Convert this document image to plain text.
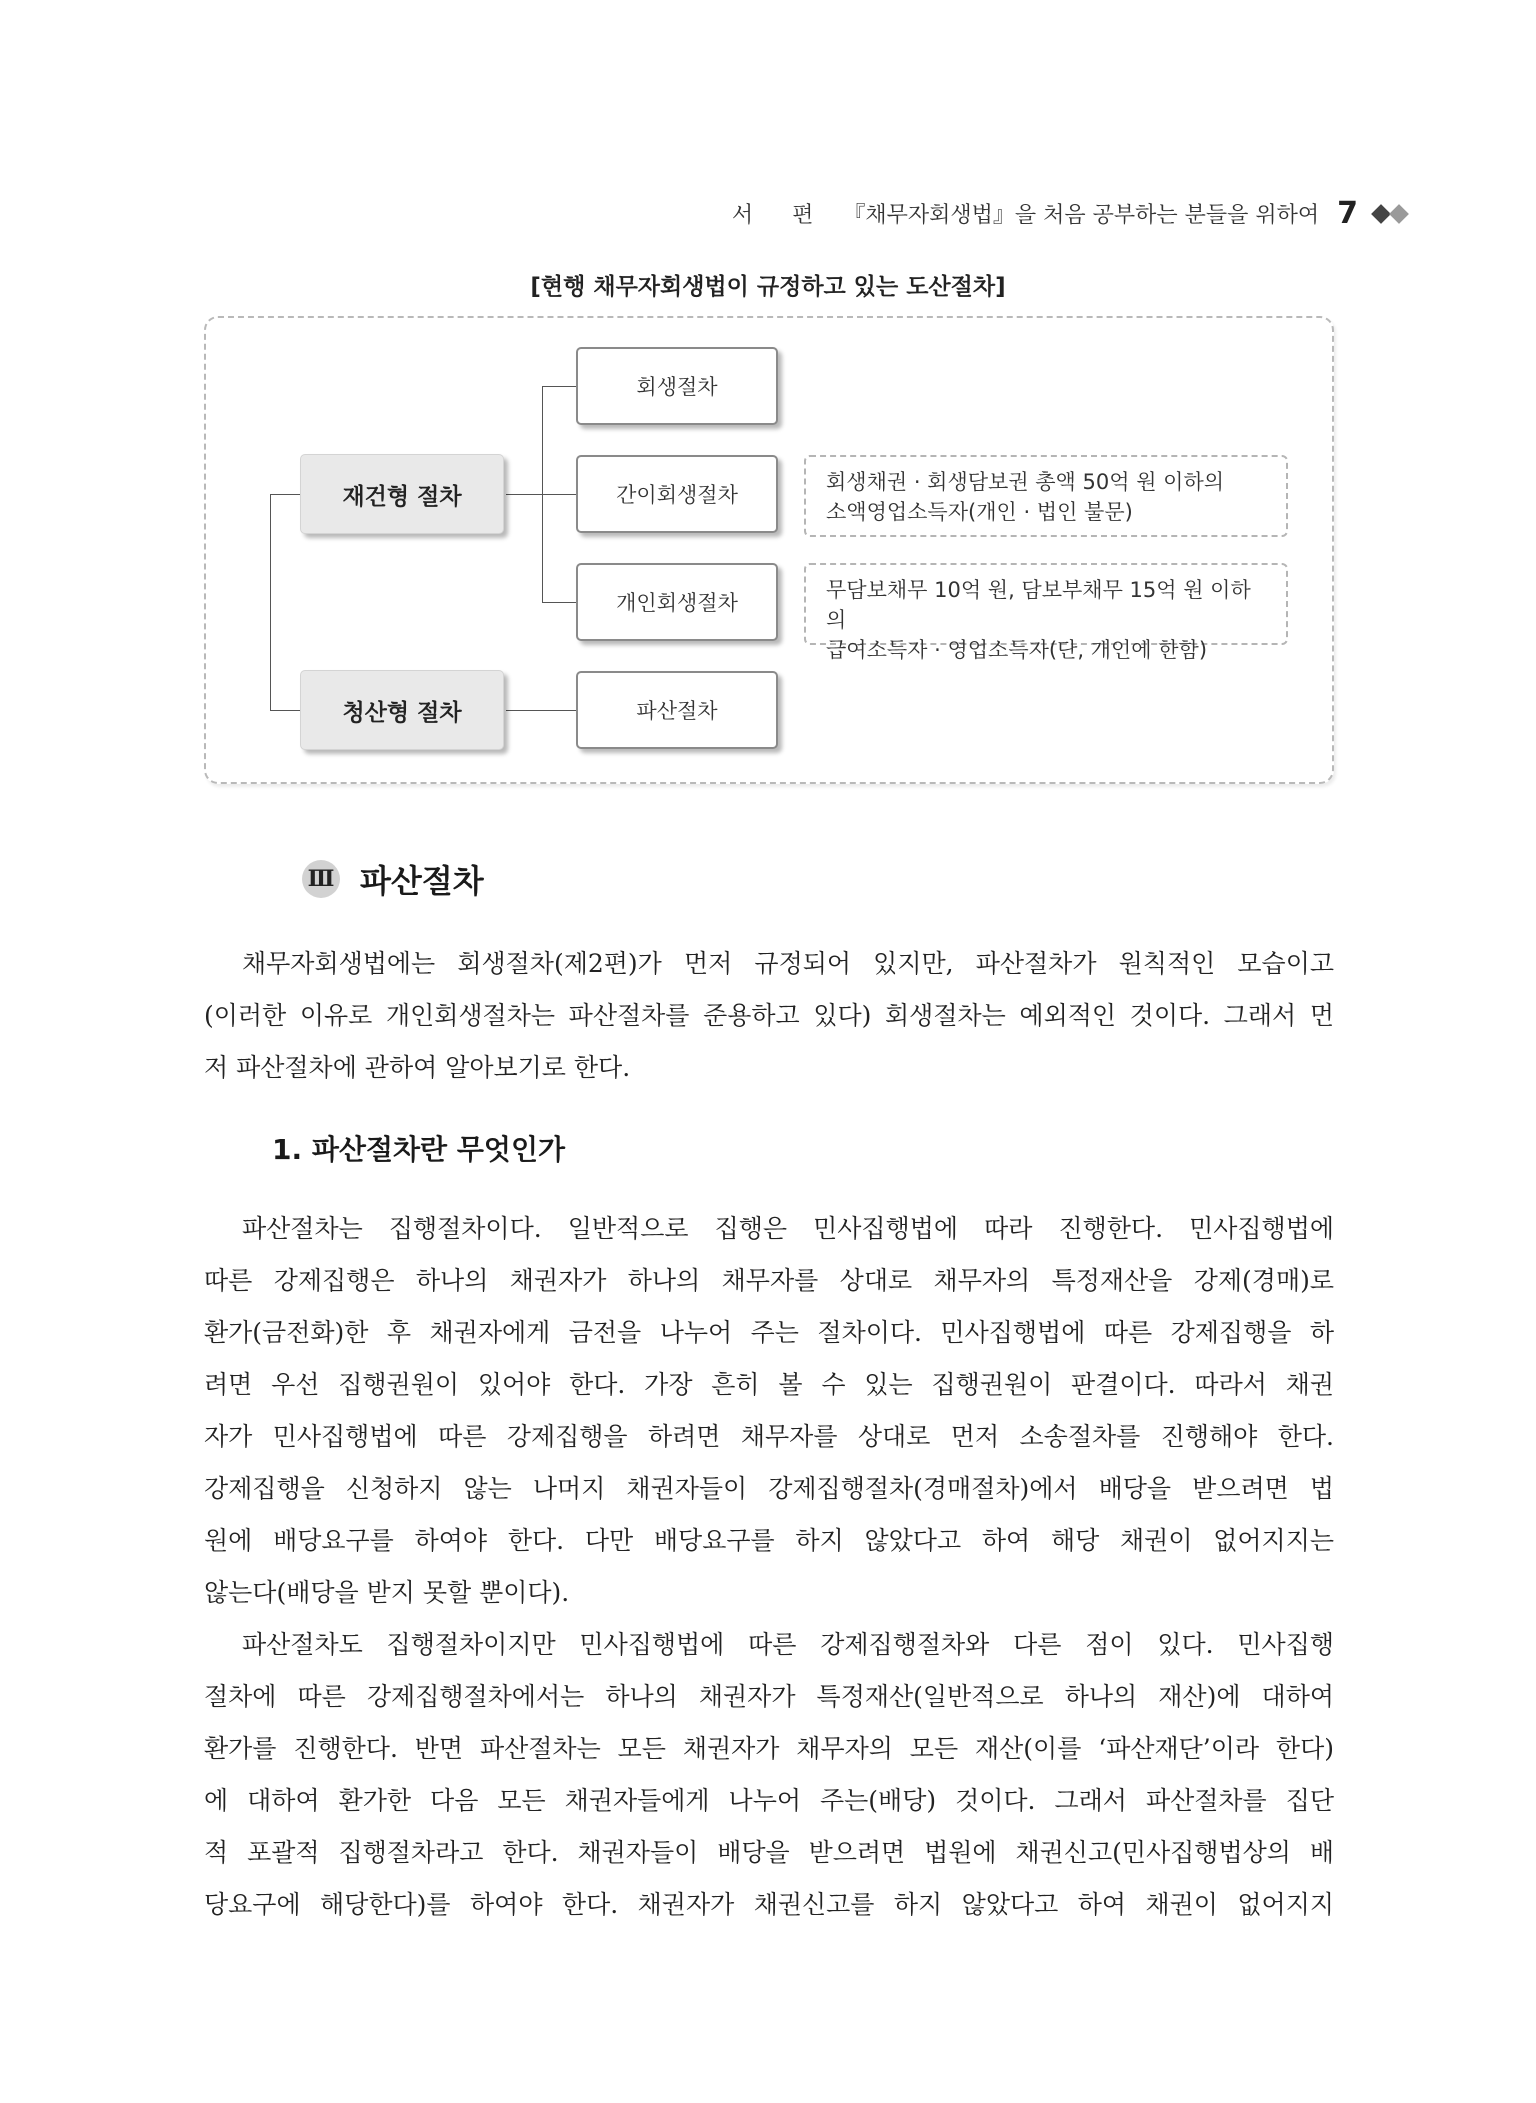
서 편 『채무자회생법』을 처음 공부하는 분들을 위하여 7
[현행 채무자회생법이 규정하고 있는 도산절차]
재건형 절차
청산형 절차
회생절차
간이회생절차
개인회생절차
파산절차
회생채권 · 회생담보권 총액 50억 원 이하의
소액영업소득자(개인 · 법인 불문)
무담보채무 10억 원, 담보부채무 15억 원 이하의
급여소득자 · 영업소득자(단, 개인에 한함)
Ⅲ 파산절차
채무자회생법에는 회생절차(제2편)가 먼저 규정되어 있지만, 파산절차가 원칙적인 모습이고
(이러한 이유로 개인회생절차는 파산절차를 준용하고 있다) 회생절차는 예외적인 것이다. 그래서 먼
저 파산절차에 관하여 알아보기로 한다.
1. 파산절차란 무엇인가
파산절차는 집행절차이다. 일반적으로 집행은 민사집행법에 따라 진행한다. 민사집행법에
따른 강제집행은 하나의 채권자가 하나의 채무자를 상대로 채무자의 특정재산을 강제(경매)로
환가(금전화)한 후 채권자에게 금전을 나누어 주는 절차이다. 민사집행법에 따른 강제집행을 하
려면 우선 집행권원이 있어야 한다. 가장 흔히 볼 수 있는 집행권원이 판결이다. 따라서 채권
자가 민사집행법에 따른 강제집행을 하려면 채무자를 상대로 먼저 소송절차를 진행해야 한다.
강제집행을 신청하지 않는 나머지 채권자들이 강제집행절차(경매절차)에서 배당을 받으려면 법
원에 배당요구를 하여야 한다. 다만 배당요구를 하지 않았다고 하여 해당 채권이 없어지지는
않는다(배당을 받지 못할 뿐이다).
파산절차도 집행절차이지만 민사집행법에 따른 강제집행절차와 다른 점이 있다. 민사집행
절차에 따른 강제집행절차에서는 하나의 채권자가 특정재산(일반적으로 하나의 재산)에 대하여
환가를 진행한다. 반면 파산절차는 모든 채권자가 채무자의 모든 재산(이를 ‘파산재단’이라 한다)
에 대하여 환가한 다음 모든 채권자들에게 나누어 주는(배당) 것이다. 그래서 파산절차를 집단
적 포괄적 집행절차라고 한다. 채권자들이 배당을 받으려면 법원에 채권신고(민사집행법상의 배
당요구에 해당한다)를 하여야 한다. 채권자가 채권신고를 하지 않았다고 하여 채권이 없어지지
